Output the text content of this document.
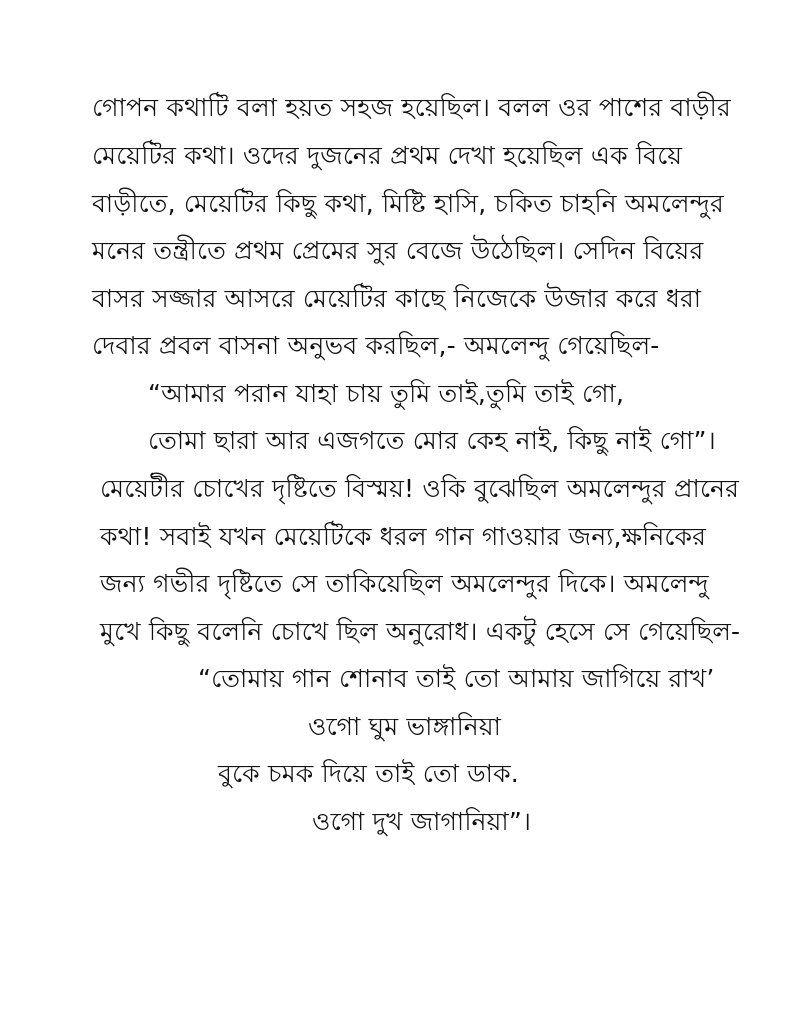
গোপন কথাটি বলা হয়ত সহজ হয়েছিল। বলল ওর পাশের বাড়ীর
মেয়েটির কথা। ওদের দুজনের প্রথম দেখা হয়েছিল এক বিয়ে
বাড়ীতে, মেয়েটির কিছু কথা, মিষ্টি হাসি, চকিত চাহনি অমলেন্দুর
মনের তন্ত্রীতে প্রথম প্রেমের সুর বেজে উঠেছিল। সেদিন বিয়ের
বাসর সজ্জার আসরে মেয়েটির কাছে নিজেকে উজার করে ধরা
দেবার প্রবল বাসনা অনুভব করছিল,- অমলেন্দু গেয়েছিল-
“আমার পরান যাহা চায় তুমি তাই,তুমি তাই গো,
তোমা ছারা আর এজগতে মোর কেহ নাই, কিছু নাই গো”।
মেয়েটীর চোখের দৃষ্টিতে বিস্ময়! ওকি বুঝেছিল অমলেন্দুর প্রানের
কথা! সবাই যখন মেয়েটিকে ধরল গান গাওয়ার জন্য,ক্ষনিকের
জন্য গভীর দৃষ্টিতে সে তাকিয়েছিল অমলেন্দুর দিকে। অমলেন্দু
মুখে কিছু বলেনি চোখে ছিল অনুরোধ। একটু হেসে সে গেয়েছিল-
“তোমায় গান শোনাব তাই তো আমায় জাগিয়ে রাখ’
ওগো ঘুম ভাঙ্গানিয়া
বুকে চমক দিয়ে তাই তো ডাক.
ওগো দুখ জাগানিয়া”।
